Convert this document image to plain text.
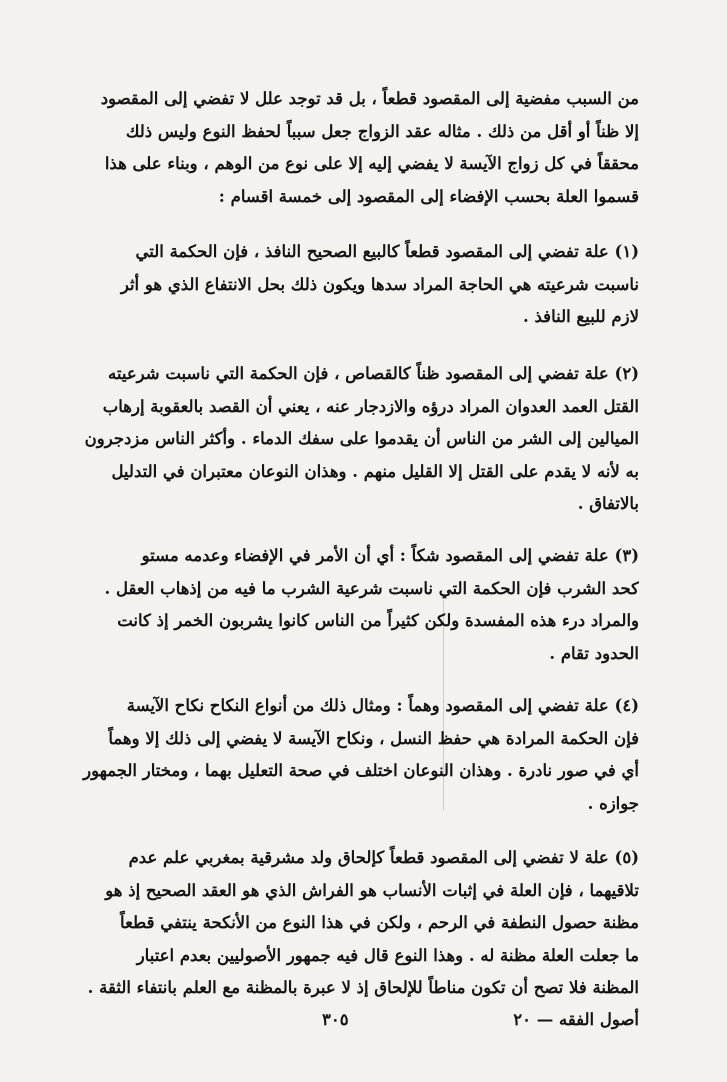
من السبب مفضية إلى المقصود قطعاً ، بل قد توجد علل لا تفضي إلى المقصود
إلا ظناً أو أقل من ذلك . مثاله عقد الزواج جعل سبباً لحفظ النوع وليس ذلك
محققاً في كل زواج الآيسة لا يفضي إليه إلا على نوع من الوهم ، وبناء على هذا
قسموا العلة بحسب الإفضاء إلى المقصود إلى خمسة اقسام :
(١) علة تفضي إلى المقصود قطعاً كالبيع الصحيح النافذ ، فإن الحكمة التي
ناسبت شرعيته هي الحاجة المراد سدها ويكون ذلك بحل الانتفاع الذي هو أثر
لازم للبيع النافذ .
(٢) علة تفضي إلى المقصود ظناً كالقصاص ، فإن الحكمة التي ناسبت شرعيته
القتل العمد العدوان المراد درؤه والازدجار عنه ، يعني أن القصد بالعقوبة إرهاب
الميالين إلى الشر من الناس أن يقدموا على سفك الدماء . وأكثر الناس مزدجرون
به لأنه لا يقدم على القتل إلا القليل منهم . وهذان النوعان معتبران في التدليل
بالاتفاق .
(٣) علة تفضي إلى المقصود شكاً : أي أن الأمر في الإفضاء وعدمه مستو
كحد الشرب فإن الحكمة التي ناسبت شرعية الشرب ما فيه من إذهاب العقل .
والمراد درء هذه المفسدة ولكن كثيراً من الناس كانوا يشربون الخمر إذ كانت
الحدود تقام .
(٤) علة تفضي إلى المقصود وهماً : ومثال ذلك من أنواع النكاح نكاح الآيسة
فإن الحكمة المرادة هي حفظ النسل ، ونكاح الآيسة لا يفضي إلى ذلك إلا وهماً
أي في صور نادرة . وهذان النوعان اختلف في صحة التعليل بهما ، ومختار الجمهور
جوازه .
(٥) علة لا تفضي إلى المقصود قطعاً كإلحاق ولد مشرقية بمغربي علم عدم
تلاقيهما ، فإن العلة في إثبات الأنساب هو الفراش الذي هو العقد الصحيح إذ هو
مظنة حصول النطفة في الرحم ، ولكن في هذا النوع من الأنكحة ينتفي قطعاً
ما جعلت العلة مظنة له . وهذا النوع قال فيه جمهور الأصوليين بعدم اعتبار
المظنة فلا تصح أن تكون مناطاً للإلحاق إذ لا عبرة بالمظنة مع العلم بانتفاء الثقة .
أصول الفقه — ٢٠
٣٠٥
